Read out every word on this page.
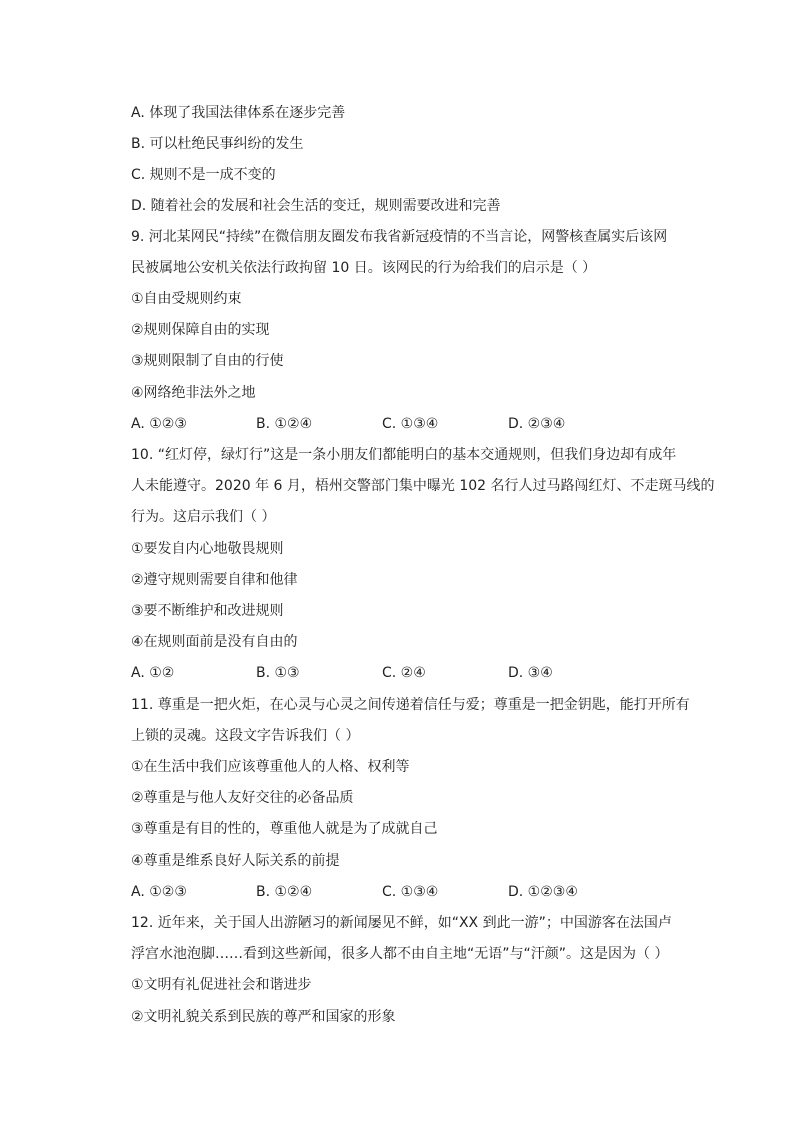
A. 体现了我国法律体系在逐步完善
B. 可以杜绝民事纠纷的发生
C. 规则不是一成不变的
D. 随着社会的发展和社会生活的变迁，规则需要改进和完善
9. 河北某网民“持续”在微信朋友圈发布我省新冠疫情的不当言论，网警核查属实后该网
民被属地公安机关依法行政拘留 10 日。该网民的行为给我们的启示是（ ）
①自由受规则约束
②规则保障自由的实现
③规则限制了自由的行使
④网络绝非法外之地
A. ①②③	B. ①②④	C. ①③④	D. ②③④
10. “红灯停，绿灯行”这是一条小朋友们都能明白的基本交通规则，但我们身边却有成年
人未能遵守。2020 年 6 月，梧州交警部门集中曝光 102 名行人过马路闯红灯、不走斑马线的
行为。这启示我们（ ）
①要发自内心地敬畏规则
②遵守规则需要自律和他律
③要不断维护和改进规则
④在规则面前是没有自由的
A. ①②	B. ①③	C. ②④	D. ③④
11. 尊重是一把火炬，在心灵与心灵之间传递着信任与爱；尊重是一把金钥匙，能打开所有
上锁的灵魂。这段文字告诉我们（ ）
①在生活中我们应该尊重他人的人格、权利等
②尊重是与他人友好交往的必备品质
③尊重是有目的性的，尊重他人就是为了成就自己
④尊重是维系良好人际关系的前提
A. ①②③	B. ①②④	C. ①③④	D. ①②③④
12. 近年来，关于国人出游陋习的新闻屡见不鲜，如“XX 到此一游”；中国游客在法国卢
浮宫水池泡脚……看到这些新闻，很多人都不由自主地“无语”与“汗颜”。这是因为（ ）
①文明有礼促进社会和谐进步
②文明礼貌关系到民族的尊严和国家的形象
